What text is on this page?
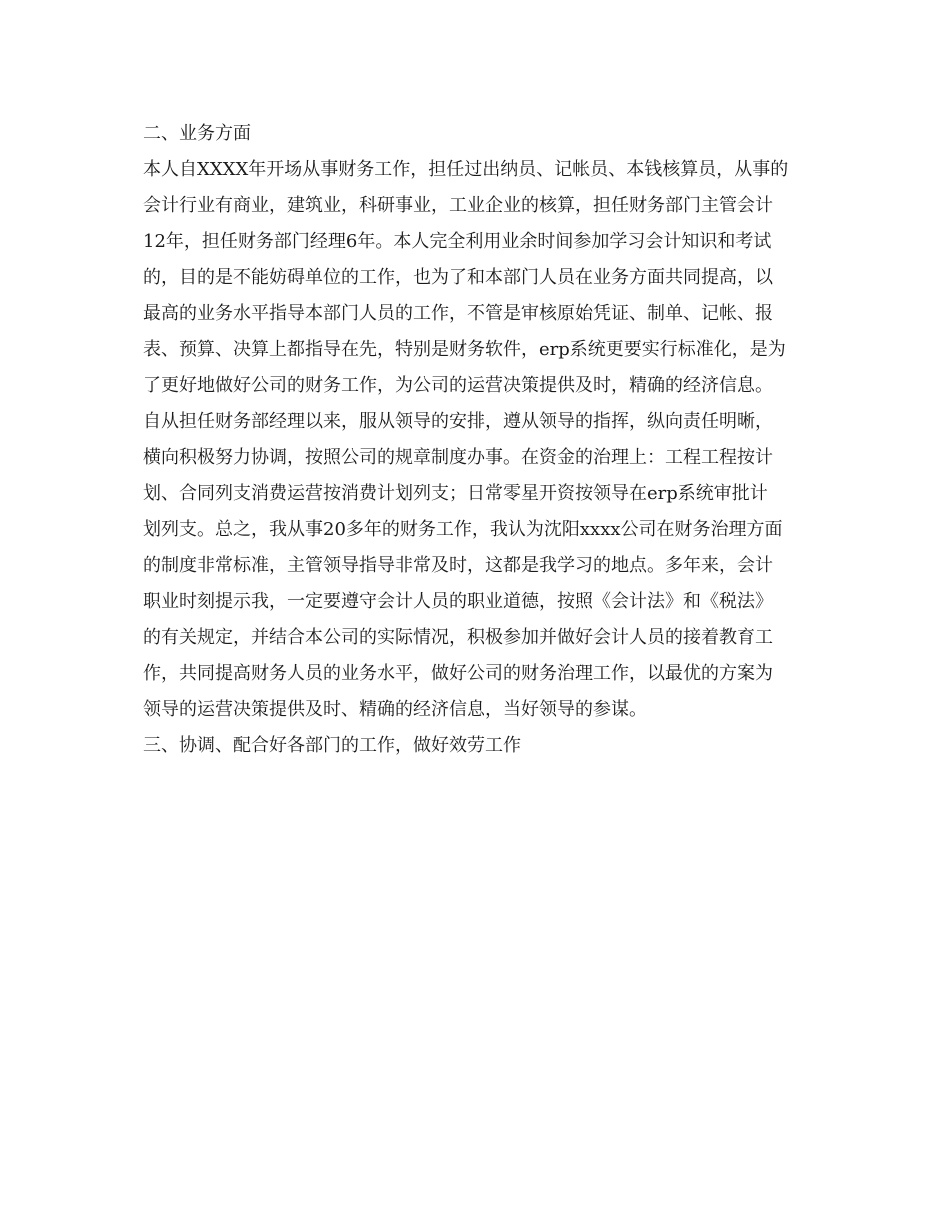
二、业务方面
本人自XXXX年开场从事财务工作，担任过出纳员、记帐员、本钱核算员，从事的
会计行业有商业，建筑业，科研事业，工业企业的核算，担任财务部门主管会计
12年，担任财务部门经理6年。本人完全利用业余时间参加学习会计知识和考试
的，目的是不能妨碍单位的工作，也为了和本部门人员在业务方面共同提高，以
最高的业务水平指导本部门人员的工作，不管是审核原始凭证、制单、记帐、报
表、预算、决算上都指导在先，特别是财务软件，erp系统更要实行标准化，是为
了更好地做好公司的财务工作，为公司的运营决策提供及时，精确的经济信息。
自从担任财务部经理以来，服从领导的安排，遵从领导的指挥，纵向责任明晰，
横向积极努力协调，按照公司的规章制度办事。在资金的治理上：工程工程按计
划、合同列支消费运营按消费计划列支；日常零星开资按领导在erp系统审批计
划列支。总之，我从事20多年的财务工作，我认为沈阳xxxx公司在财务治理方面
的制度非常标准，主管领导指导非常及时，这都是我学习的地点。多年来，会计
职业时刻提示我，一定要遵守会计人员的职业道德，按照《会计法》和《税法》
的有关规定，并结合本公司的实际情况，积极参加并做好会计人员的接着教育工
作，共同提高财务人员的业务水平，做好公司的财务治理工作，以最优的方案为
领导的运营决策提供及时、精确的经济信息，当好领导的参谋。
三、协调、配合好各部门的工作，做好效劳工作
